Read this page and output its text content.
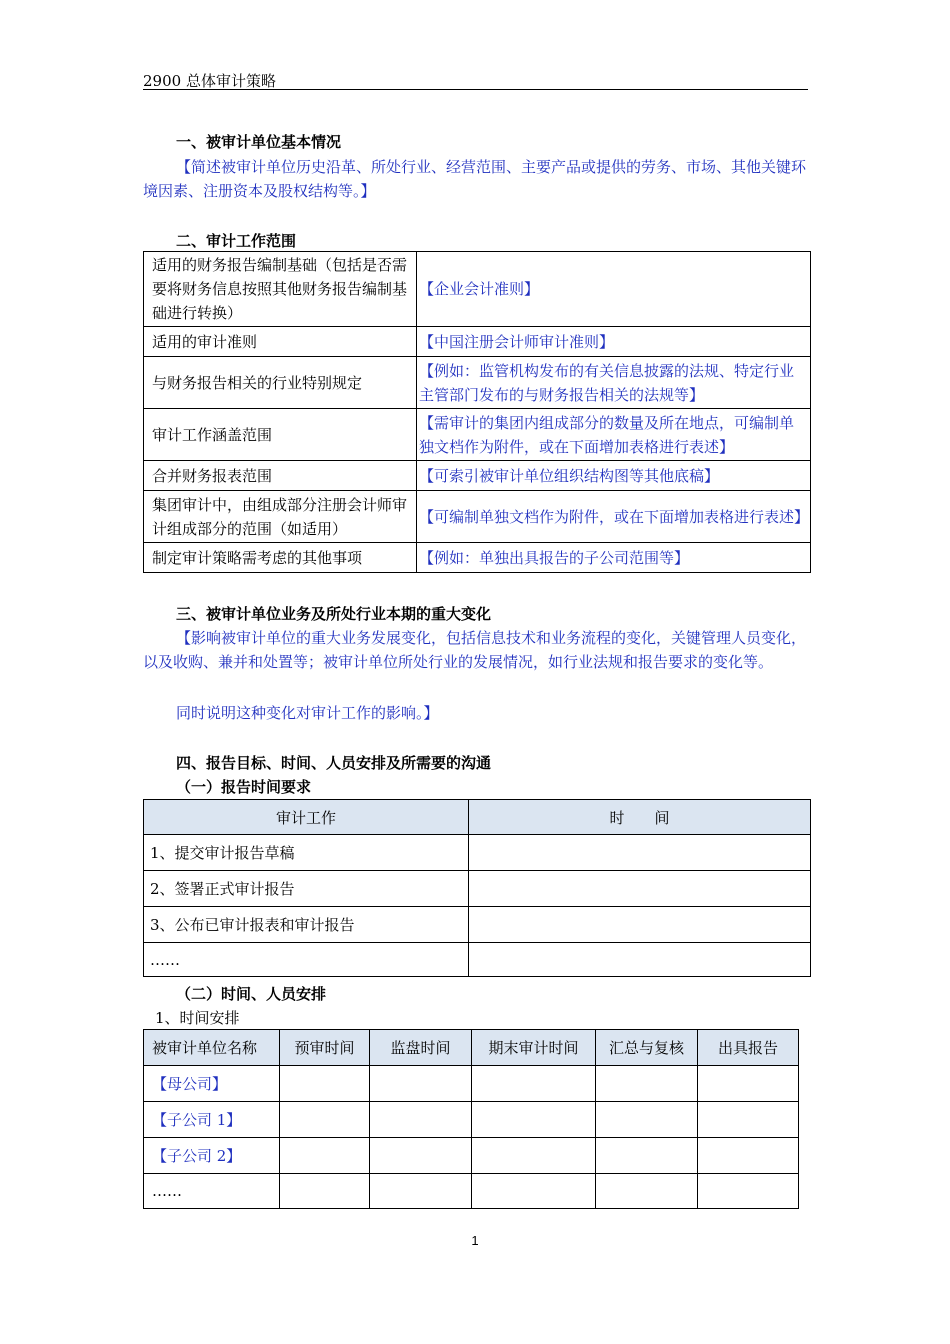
2900 总体审计策略
一、被审计单位基本情况
【简述被审计单位历史沿革、所处行业、经营范围、主要产品或提供的劳务、市场、其他关键环境因素、注册资本及股权结构等。】
二、审计工作范围
适用的财务报告编制基础（包括是否需要将财务信息按照其他财务报告编制基础进行转换）	【企业会计准则】
适用的审计准则	【中国注册会计师审计准则】
与财务报告相关的行业特别规定	【例如：监管机构发布的有关信息披露的法规、特定行业主管部门发布的与财务报告相关的法规等】
审计工作涵盖范围	【需审计的集团内组成部分的数量及所在地点，可编制单独文档作为附件，或在下面增加表格进行表述】
合并财务报表范围	【可索引被审计单位组织结构图等其他底稿】
集团审计中，由组成部分注册会计师审计组成部分的范围（如适用）	【可编制单独文档作为附件，或在下面增加表格进行表述】
制定审计策略需考虑的其他事项	【例如：单独出具报告的子公司范围等】
三、被审计单位业务及所处行业本期的重大变化
【影响被审计单位的重大业务发展变化，包括信息技术和业务流程的变化，关键管理人员变化，以及收购、兼并和处置等；被审计单位所处行业的发展情况，如行业法规和报告要求的变化等。
同时说明这种变化对审计工作的影响。】
四、报告目标、时间、人员安排及所需要的沟通
（一）报告时间要求
审计工作	时　　间
1、提交审计报告草稿	
2、签署正式审计报告	
3、公布已审计报表和审计报告	
……	
（二）时间、人员安排
1、时间安排
被审计单位名称	预审时间	监盘时间	期末审计时间	汇总与复核	出具报告
【母公司】					
【子公司 1】					
【子公司 2】					
……					
1
